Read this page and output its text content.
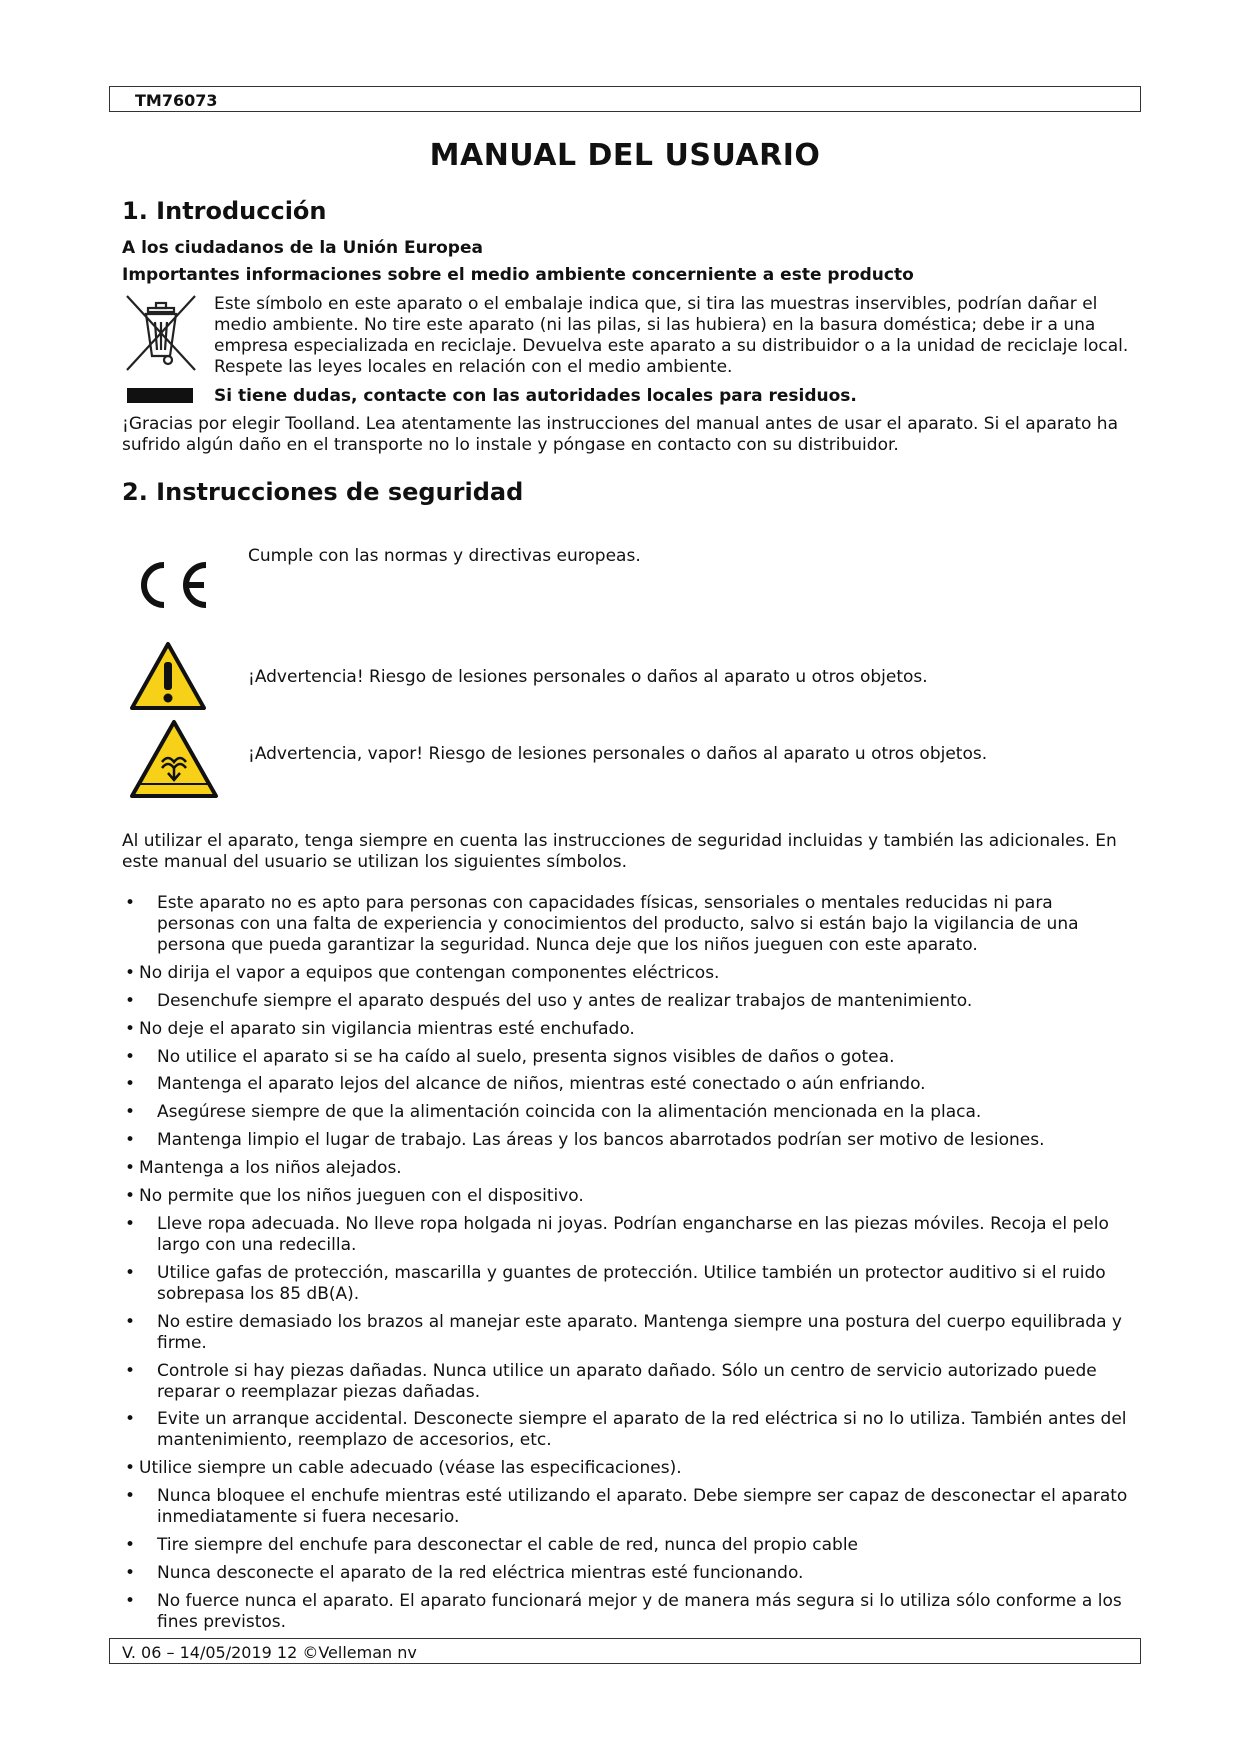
TM76073
MANUAL DEL USUARIO
1. Introducción
A los ciudadanos de la Unión Europea
Importantes informaciones sobre el medio ambiente concerniente a este producto

Este símbolo en este aparato o el embalaje indica que, si tira las muestras inservibles, podrían dañar el medio ambiente. No tire este aparato (ni las pilas, si las hubiera) en la basura doméstica; debe ir a una empresa especializada en reciclaje. Devuelva este aparato a su distribuidor o a la unidad de reciclaje local. Respete las leyes locales en relación con el medio ambiente.

Si tiene dudas, contacte con las autoridades locales para residuos.

¡Gracias por elegir Toolland. Lea atentamente las instrucciones del manual antes de usar el aparato. Si el aparato ha sufrido algún daño en el transporte no lo instale y póngase en contacto con su distribuidor.

2. Instrucciones de seguridad
Cumple con las normas y directivas europeas.
¡Advertencia! Riesgo de lesiones personales o daños al aparato u otros objetos.
¡Advertencia, vapor! Riesgo de lesiones personales o daños al aparato u otros objetos.

Al utilizar el aparato, tenga siempre en cuenta las instrucciones de seguridad incluidas y también las adicionales. En este manual del usuario se utilizan los siguientes símbolos.

• Este aparato no es apto para personas con capacidades físicas, sensoriales o mentales reducidas ni para personas con una falta de experiencia y conocimientos del producto, salvo si están bajo la vigilancia de una persona que pueda garantizar la seguridad. Nunca deje que los niños jueguen con este aparato.
• No dirija el vapor a equipos que contengan componentes eléctricos.
• Desenchufe siempre el aparato después del uso y antes de realizar trabajos de mantenimiento.
• No deje el aparato sin vigilancia mientras esté enchufado.
• No utilice el aparato si se ha caído al suelo, presenta signos visibles de daños o gotea.
• Mantenga el aparato lejos del alcance de niños, mientras esté conectado o aún enfriando.
• Asegúrese siempre de que la alimentación coincida con la alimentación mencionada en la placa.
• Mantenga limpio el lugar de trabajo. Las áreas y los bancos abarrotados podrían ser motivo de lesiones.
• Mantenga a los niños alejados.
• No permite que los niños jueguen con el dispositivo.
• Lleve ropa adecuada. No lleve ropa holgada ni joyas. Podrían engancharse en las piezas móviles. Recoja el pelo largo con una redecilla.
• Utilice gafas de protección, mascarilla y guantes de protección. Utilice también un protector auditivo si el ruido sobrepasa los 85 dB(A).
• No estire demasiado los brazos al manejar este aparato. Mantenga siempre una postura del cuerpo equilibrada y firme.
• Controle si hay piezas dañadas. Nunca utilice un aparato dañado. Sólo un centro de servicio autorizado puede reparar o reemplazar piezas dañadas.
• Evite un arranque accidental. Desconecte siempre el aparato de la red eléctrica si no lo utiliza. También antes del mantenimiento, reemplazo de accesorios, etc.
• Utilice siempre un cable adecuado (véase las especificaciones).
• Nunca bloquee el enchufe mientras esté utilizando el aparato. Debe siempre ser capaz de desconectar el aparato inmediatamente si fuera necesario.
• Tire siempre del enchufe para desconectar el cable de red, nunca del propio cable
• Nunca desconecte el aparato de la red eléctrica mientras esté funcionando.
• No fuerce nunca el aparato. El aparato funcionará mejor y de manera más segura si lo utiliza sólo conforme a los fines previstos.
V. 06 – 14/05/2019 12 ©Velleman nv
